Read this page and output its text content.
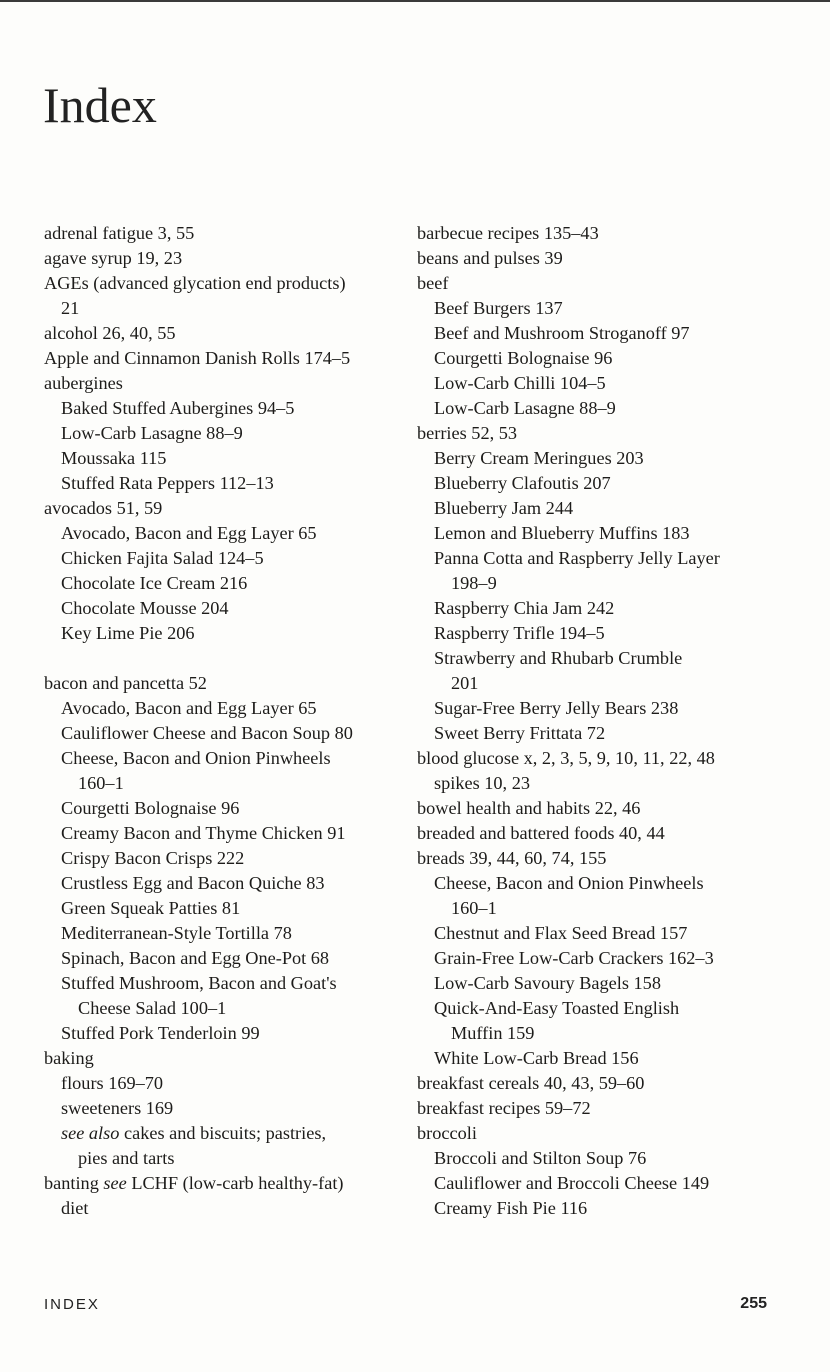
Index
adrenal fatigue 3, 55
agave syrup 19, 23
AGEs (advanced glycation end products)
21
alcohol 26, 40, 55
Apple and Cinnamon Danish Rolls 174–5
aubergines
Baked Stuffed Aubergines 94–5
Low-Carb Lasagne 88–9
Moussaka 115
Stuffed Rata Peppers 112–13
avocados 51, 59
Avocado, Bacon and Egg Layer 65
Chicken Fajita Salad 124–5
Chocolate Ice Cream 216
Chocolate Mousse 204
Key Lime Pie 206
bacon and pancetta 52
Avocado, Bacon and Egg Layer 65
Cauliflower Cheese and Bacon Soup 80
Cheese, Bacon and Onion Pinwheels
160–1
Courgetti Bolognaise 96
Creamy Bacon and Thyme Chicken 91
Crispy Bacon Crisps 222
Crustless Egg and Bacon Quiche 83
Green Squeak Patties 81
Mediterranean-Style Tortilla 78
Spinach, Bacon and Egg One-Pot 68
Stuffed Mushroom, Bacon and Goat's
Cheese Salad 100–1
Stuffed Pork Tenderloin 99
baking
flours 169–70
sweeteners 169
see also cakes and biscuits; pastries,
pies and tarts
banting see LCHF (low-carb healthy-fat)
diet
barbecue recipes 135–43
beans and pulses 39
beef
Beef Burgers 137
Beef and Mushroom Stroganoff 97
Courgetti Bolognaise 96
Low-Carb Chilli 104–5
Low-Carb Lasagne 88–9
berries 52, 53
Berry Cream Meringues 203
Blueberry Clafoutis 207
Blueberry Jam 244
Lemon and Blueberry Muffins 183
Panna Cotta and Raspberry Jelly Layer
198–9
Raspberry Chia Jam 242
Raspberry Trifle 194–5
Strawberry and Rhubarb Crumble
201
Sugar-Free Berry Jelly Bears 238
Sweet Berry Frittata 72
blood glucose x, 2, 3, 5, 9, 10, 11, 22, 48
spikes 10, 23
bowel health and habits 22, 46
breaded and battered foods 40, 44
breads 39, 44, 60, 74, 155
Cheese, Bacon and Onion Pinwheels
160–1
Chestnut and Flax Seed Bread 157
Grain-Free Low-Carb Crackers 162–3
Low-Carb Savoury Bagels 158
Quick-And-Easy Toasted English
Muffin 159
White Low-Carb Bread 156
breakfast cereals 40, 43, 59–60
breakfast recipes 59–72
broccoli
Broccoli and Stilton Soup 76
Cauliflower and Broccoli Cheese 149
Creamy Fish Pie 116
INDEX	255
